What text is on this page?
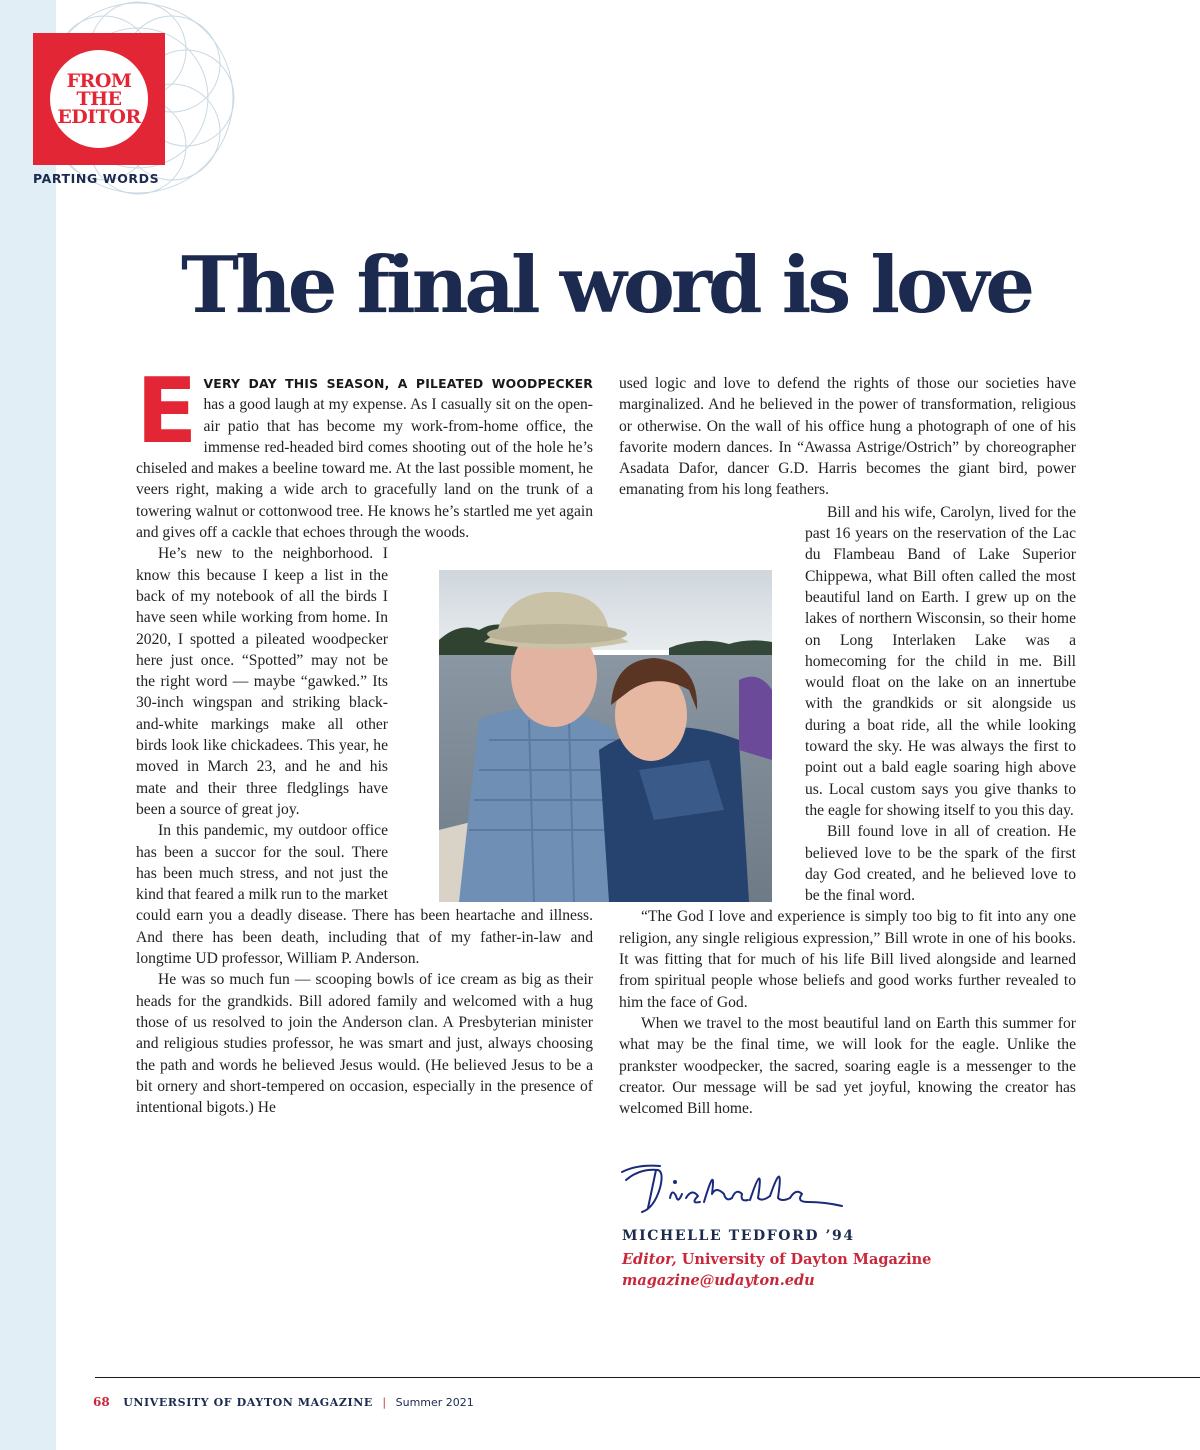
FROM
THE
EDITOR
PARTING WORDS
The final word is love

EVERY DAY THIS SEASON, A PILEATED WOODPECKER has a good laugh at my expense. As I casually sit on the open-air patio that has become my work-from-home office, the immense red-headed bird comes shooting out of the hole he’s chiseled and makes a beeline toward me. At the last possible moment, he veers right, making a wide arch to gracefully land on the trunk of a towering walnut or cottonwood tree. He knows he’s startled me yet again and gives off a cackle that echoes through the woods.

He’s new to the neighborhood. I know this because I keep a list in the back of my notebook of all the birds I have seen while working from home. In 2020, I spotted a pileated woodpecker here just once. “Spotted” may not be the right word — maybe “gawked.” Its 30-inch wingspan and striking black-and-white markings make all other birds look like chickadees. This year, he moved in March 23, and he and his mate and their three fledglings have been a source of great joy.

In this pandemic, my outdoor office has been a succor for the soul. There has been much stress, and not just the kind that feared a milk run to the market could earn you a deadly disease. There has been heartache and illness. And there has been death, including that of my father-in-law and longtime UD professor, William P. Anderson.

He was so much fun — scooping bowls of ice cream as big as their heads for the grandkids. Bill adored family and welcomed with a hug those of us resolved to join the Anderson clan. A Presbyterian minister and religious studies professor, he was smart and just, always choosing the path and words he believed Jesus would. (He believed Jesus to be a bit ornery and short-tempered on occasion, especially in the presence of intentional bigots.) He

used logic and love to defend the rights of those our societies have marginalized. And he believed in the power of transformation, religious or otherwise. On the wall of his office hung a photograph of one of his favorite modern dances. In “Awassa Astrige/Ostrich” by choreographer Asadata Dafor, dancer G.D. Harris becomes the giant bird, power emanating from his long feathers.

Bill and his wife, Carolyn, lived for the past 16 years on the reservation of the Lac du Flambeau Band of Lake Superior Chippewa, what Bill often called the most beautiful land on Earth. I grew up on the lakes of northern Wisconsin, so their home on Long Interlaken Lake was a homecoming for the child in me. Bill would float on the lake on an innertube with the grandkids or sit alongside us during a boat ride, all the while looking toward the sky. He was always the first to point out a bald eagle soaring high above us. Local custom says you give thanks to the eagle for showing itself to you this day.

Bill found love in all of creation. He believed love to be the spark of the first day God created, and he believed love to be the final word.

“The God I love and experience is simply too big to fit into any one religion, any single religious expression,” Bill wrote in one of his books. It was fitting that for much of his life Bill lived alongside and learned from spiritual people whose beliefs and good works further revealed to him the face of God.

When we travel to the most beautiful land on Earth this summer for what may be the final time, we will look for the eagle. Unlike the prankster woodpecker, the sacred, soaring eagle is a messenger to the creator. Our message will be sad yet joyful, knowing the creator has welcomed Bill home.

MICHELLE TEDFORD ’94
Editor, University of Dayton Magazine
magazine@udayton.edu
68 UNIVERSITY OF DAYTON MAGAZINE | Summer 2021
